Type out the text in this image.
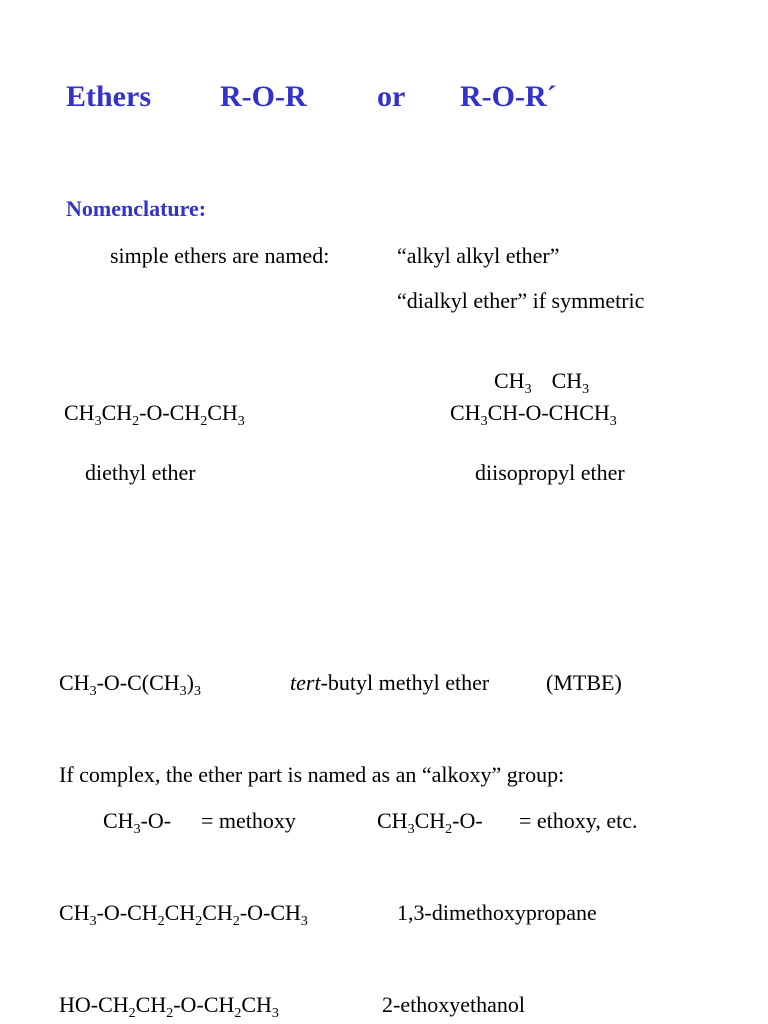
Ethers R-O-R or R-O-R´
Nomenclature:
simple ethers are named:	“alkyl alkyl ether”
“dialkyl ether” if symmetric
$CH_3$ $CH_3$
$CH_3CH_2-O-CH_2CH_3$	$CH_3CH-O-CHCH_3$
diethyl ether	diisopropyl ether
$CH_3-O-C(CH_3)_3$	tert-butyl methyl ether	(MTBE)
If complex, the ether part is named as an “alkoxy” group:
$CH_3-O-$ = methoxy	$CH_3CH_2-O-$ = ethoxy, etc.
$CH_3-O-CH_2CH_2CH_2-O-CH_3$	1,3-dimethoxypropane
$HO-CH_2CH_2-O-CH_2CH_3$	2-ethoxyethanol
